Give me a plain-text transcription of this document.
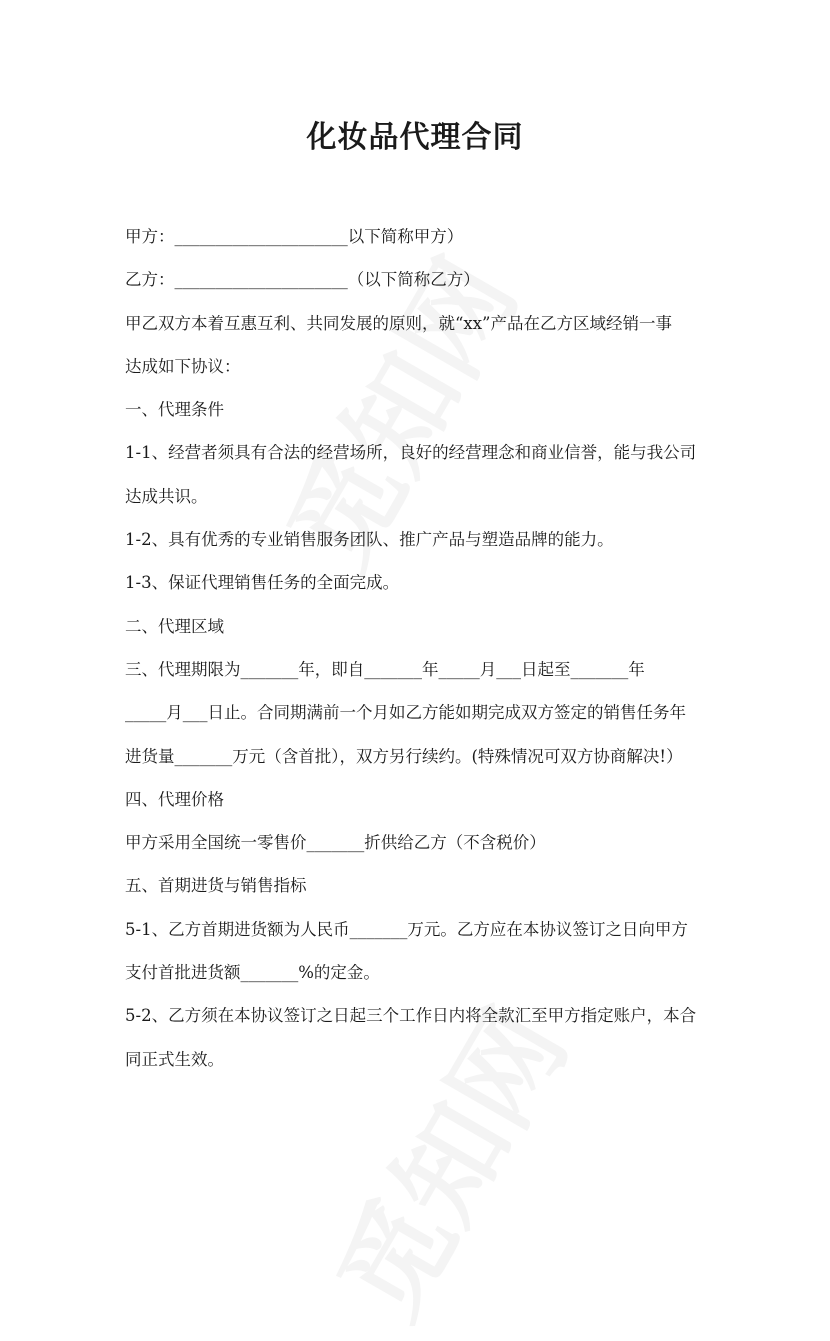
化妆品代理合同
甲方：_____________________以下简称甲方）
乙方：_____________________（以下简称乙方）
甲乙双方本着互惠互利、共同发展的原则，就“xx”产品在乙方区域经销一事
达成如下协议：
一、代理条件
1-1、经营者须具有合法的经营场所，良好的经营理念和商业信誉，能与我公司
达成共识。
1-2、具有优秀的专业销售服务团队、推广产品与塑造品牌的能力。
1-3、保证代理销售任务的全面完成。
二、代理区域
三、代理期限为_______年，即自_______年_____月___日起至_______年
_____月___日止。合同期满前一个月如乙方能如期完成双方签定的销售任务年
进货量_______万元（含首批），双方另行续约。(特殊情况可双方协商解决!）
四、代理价格
甲方采用全国统一零售价_______折供给乙方（不含税价）
五、首期进货与销售指标
5-1、乙方首期进货额为人民币_______万元。乙方应在本协议签订之日向甲方
支付首批进货额_______%的定金。
5-2、乙方须在本协议签订之日起三个工作日内将全款汇至甲方指定账户，本合
同正式生效。
